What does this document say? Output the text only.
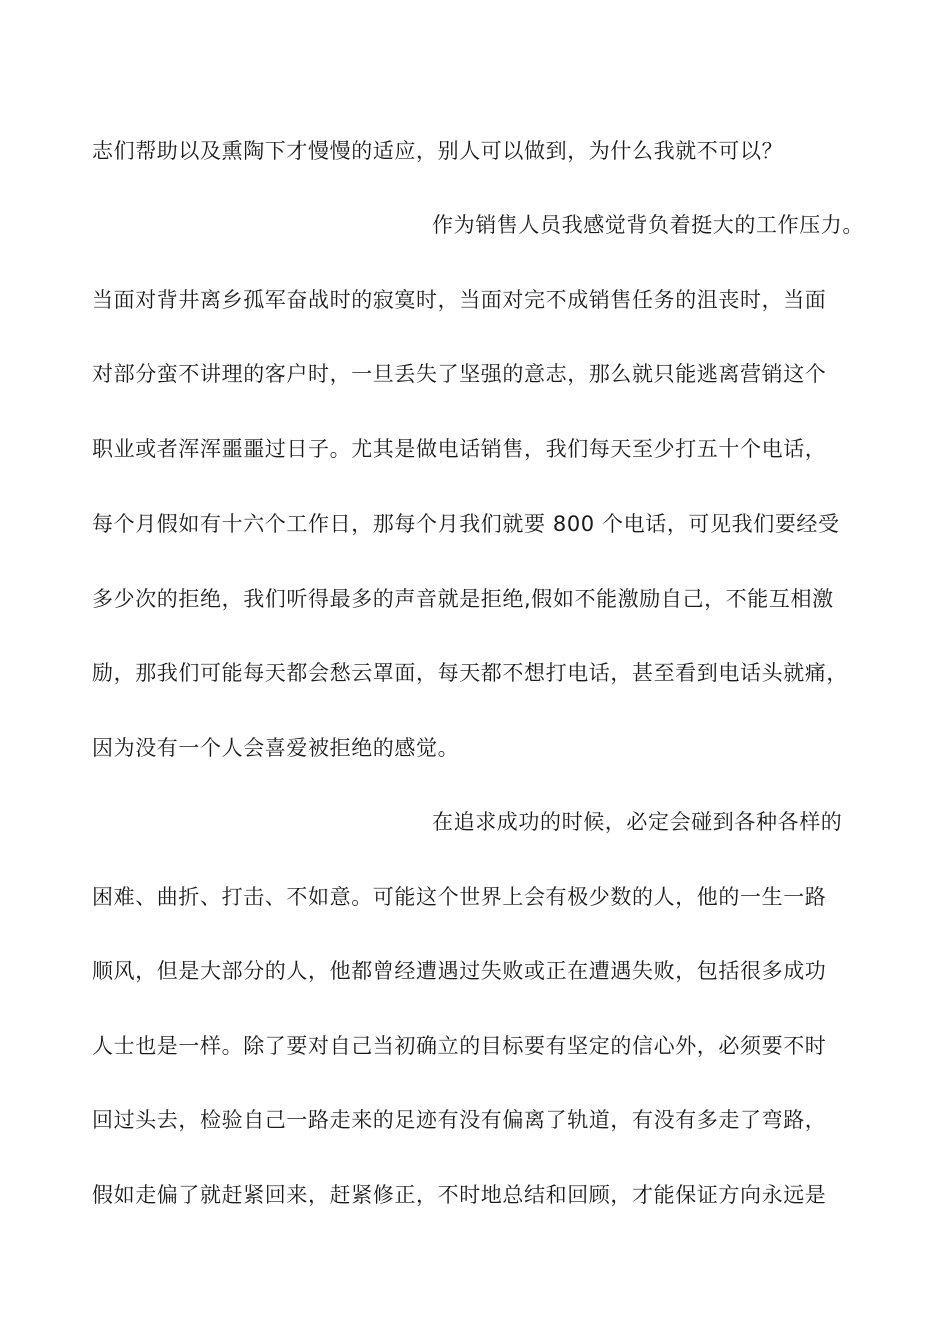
志们帮助以及熏陶下才慢慢的适应，别人可以做到，为什么我就不可以？
作为销售人员我感觉背负着挺大的工作压力。
当面对背井离乡孤军奋战时的寂寞时，当面对完不成销售任务的沮丧时，当面
对部分蛮不讲理的客户时，一旦丢失了坚强的意志，那么就只能逃离营销这个
职业或者浑浑噩噩过日子。尤其是做电话销售，我们每天至少打五十个电话，
每个月假如有十六个工作日，那每个月我们就要 800 个电话，可见我们要经受
多少次的拒绝，我们听得最多的声音就是拒绝,假如不能激励自己，不能互相激
励，那我们可能每天都会愁云罩面，每天都不想打电话，甚至看到电话头就痛，
因为没有一个人会喜爱被拒绝的感觉。
在追求成功的时候，必定会碰到各种各样的
困难、曲折、打击、不如意。可能这个世界上会有极少数的人，他的一生一路
顺风，但是大部分的人，他都曾经遭遇过失败或正在遭遇失败，包括很多成功
人士也是一样。除了要对自己当初确立的目标要有坚定的信心外，必须要不时
回过头去，检验自己一路走来的足迹有没有偏离了轨道，有没有多走了弯路，
假如走偏了就赶紧回来，赶紧修正，不时地总结和回顾，才能保证方向永远是
